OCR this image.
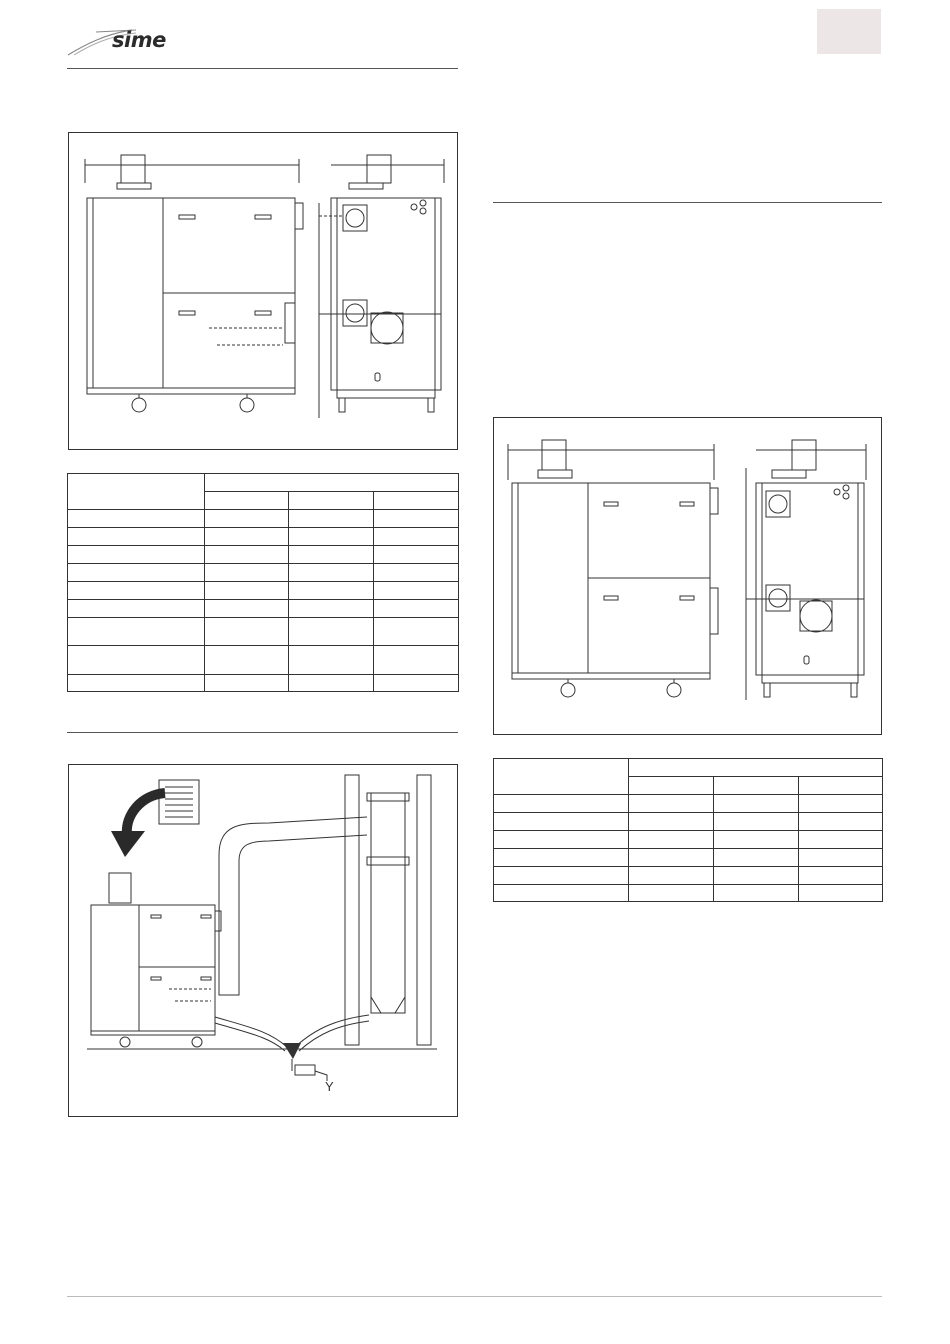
sime

Y
